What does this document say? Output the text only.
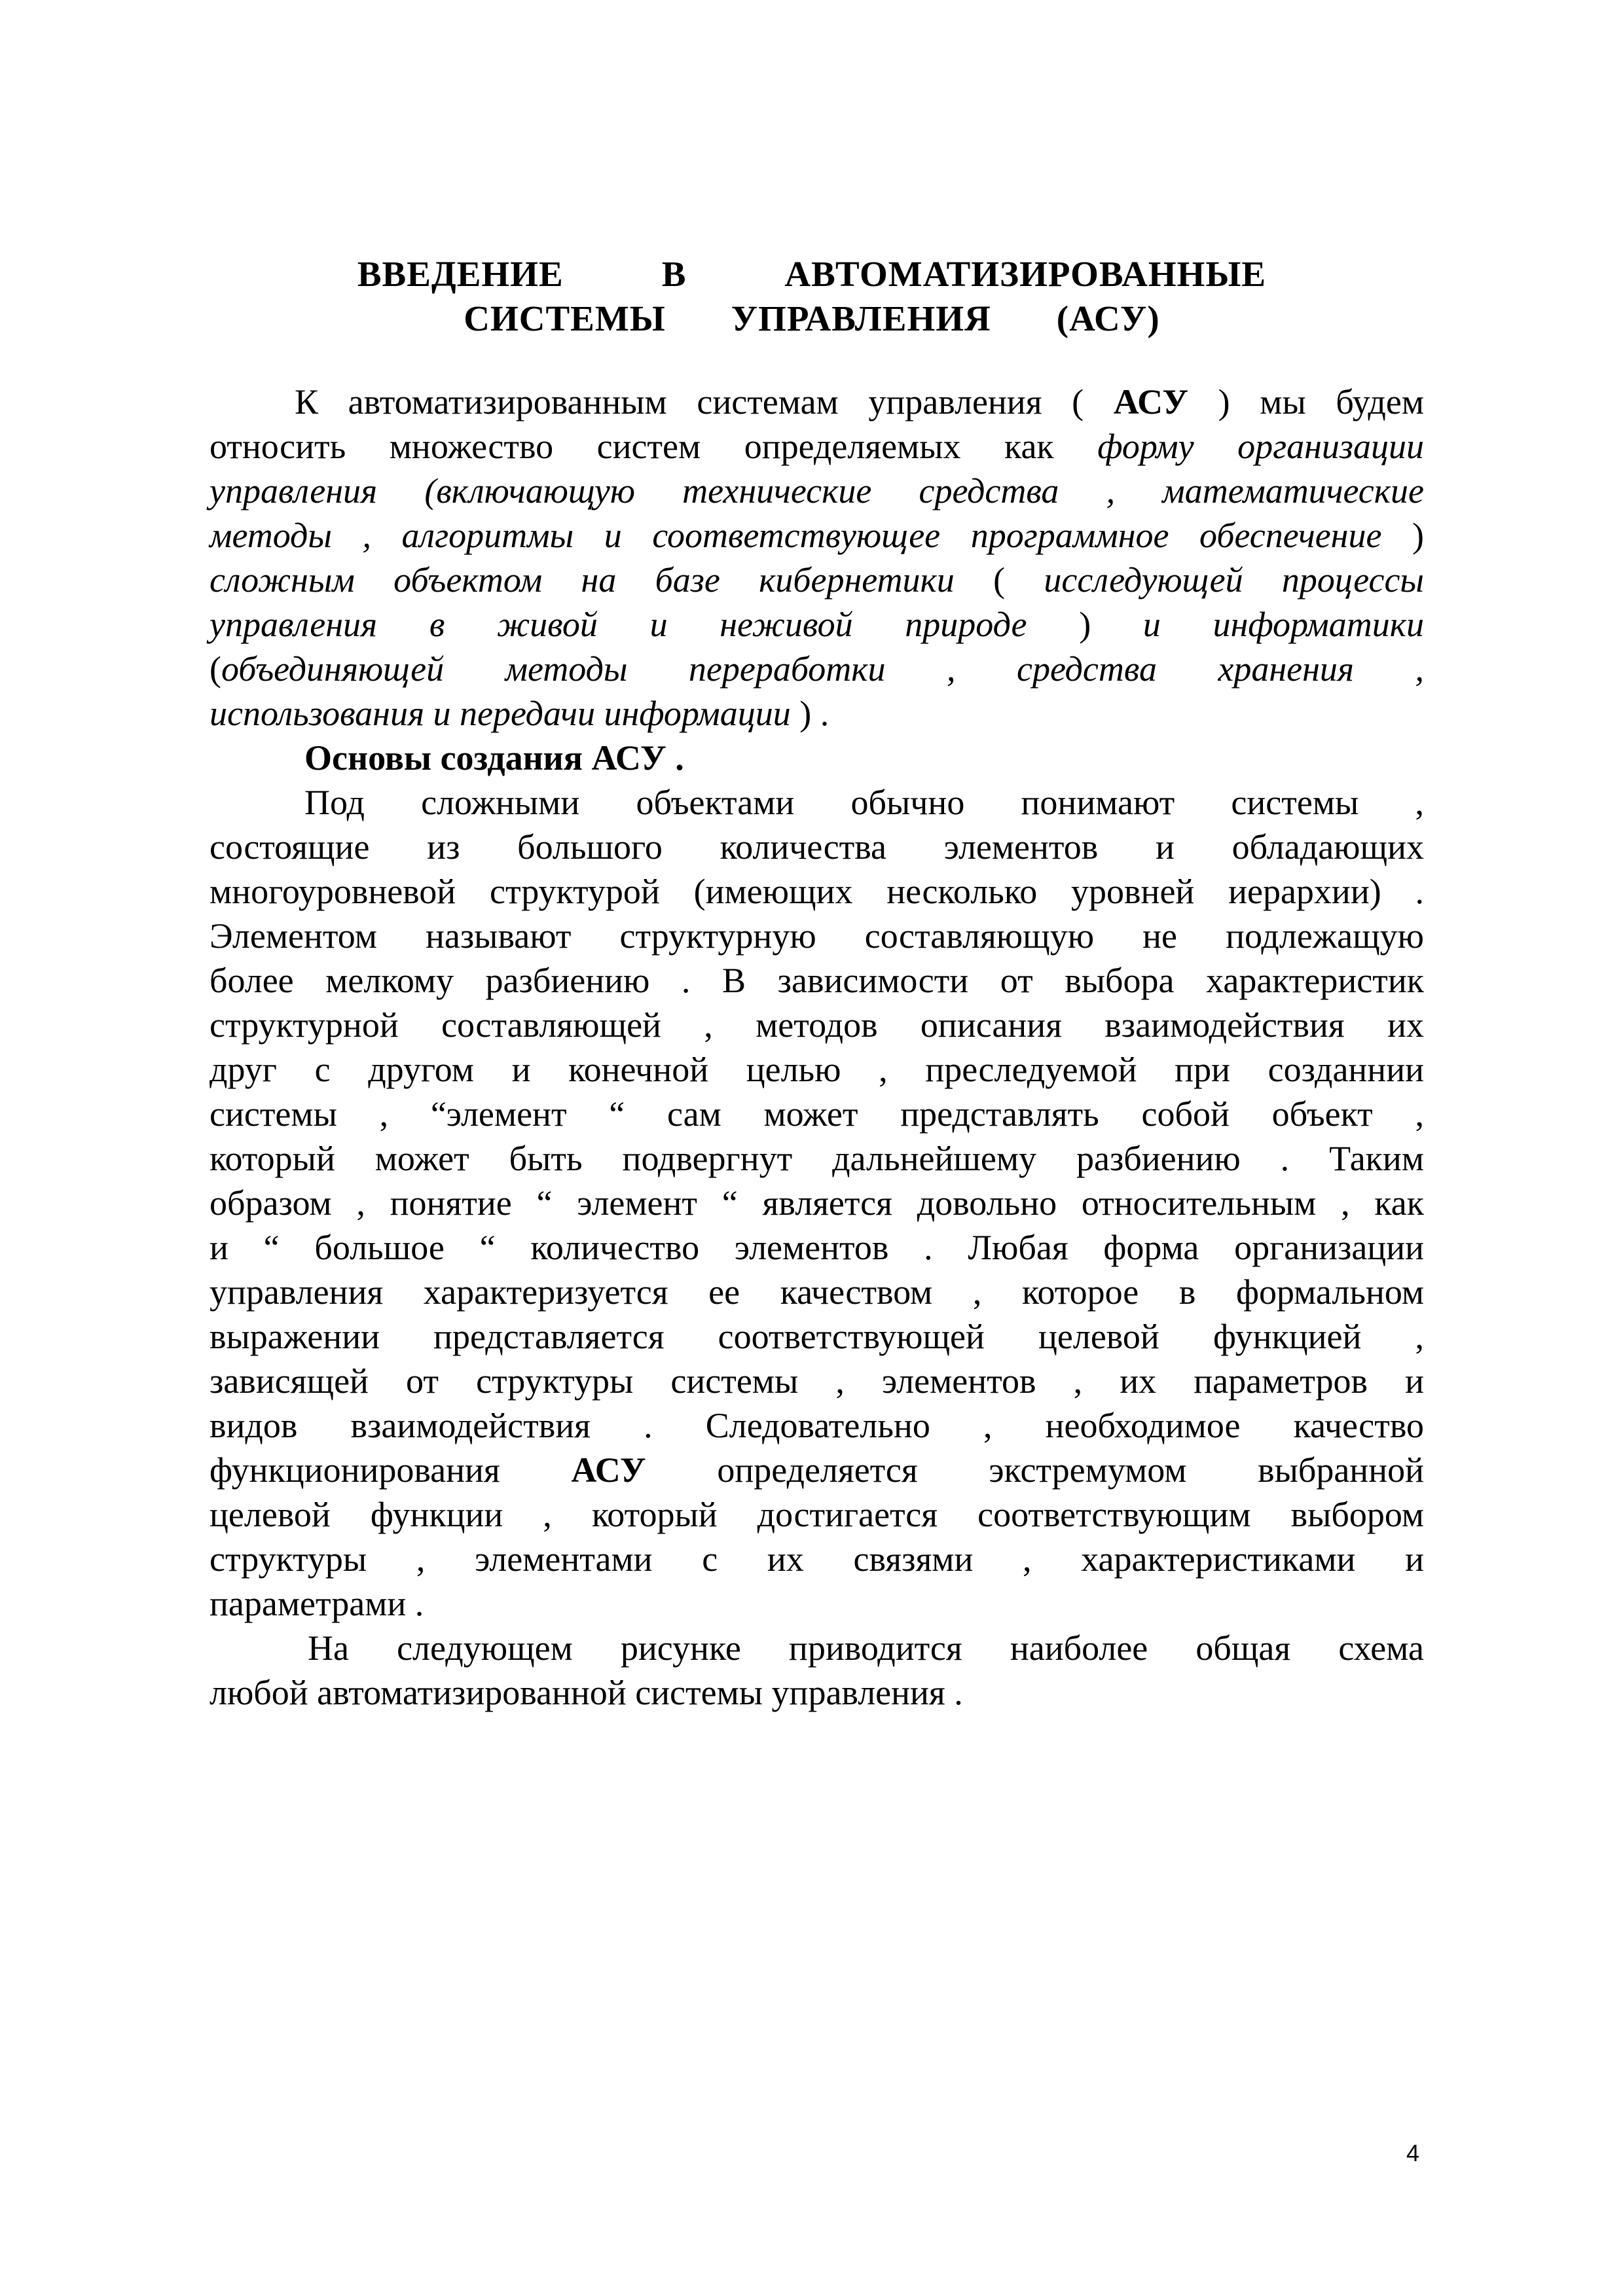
ВВЕДЕНИЕ	В	АВТОМАТИЗИРОВАННЫЕ
СИСТЕМЫ УПРАВЛЕНИЯ (АСУ)
К автоматизированным системам управления ( АСУ ) мы будем
относить множество систем определяемых как форму организации
управления (включающую технические средства , математические
методы , алгоритмы и соответствующее программное обеспечение )
сложным объектом на базе кибернетики ( исследующей процессы
управления в живой и неживой природе ) и информатики
(объединяющей методы переработки , средства хранения ,
использования и передачи информации ) .
Основы создания АСУ .
Под сложными объектами обычно понимают системы ,
состоящие из большого количества элементов и обладающих
многоуровневой структурой (имеющих несколько уровней иерархии) .
Элементом называют структурную составляющую не подлежащую
более мелкому разбиению . В зависимости от выбора характеристик
структурной составляющей , методов описания взаимодействия их
друг с другом и конечной целью , преследуемой при созданнии
системы , “элемент “ сам может представлять собой объект ,
который может быть подвергнут дальнейшему разбиению . Таким
образом , понятие “ элемент “ является довольно относительным , как
и “ большое “ количество элементов . Любая форма организации
управления характеризуется ее качеством , которое в формальном
выражении представляется соответствующей целевой функцией ,
зависящей от структуры системы , элементов , их параметров и
видов взаимодействия . Следовательно , необходимое качество
функционирования АСУ определяется экстремумом выбранной
целевой функции , который достигается соответствующим выбором
структуры , элементами с их связями , характеристиками и
параметрами .
На следующем рисунке приводится наиболее общая схема
любой автоматизированной системы управления .
4
